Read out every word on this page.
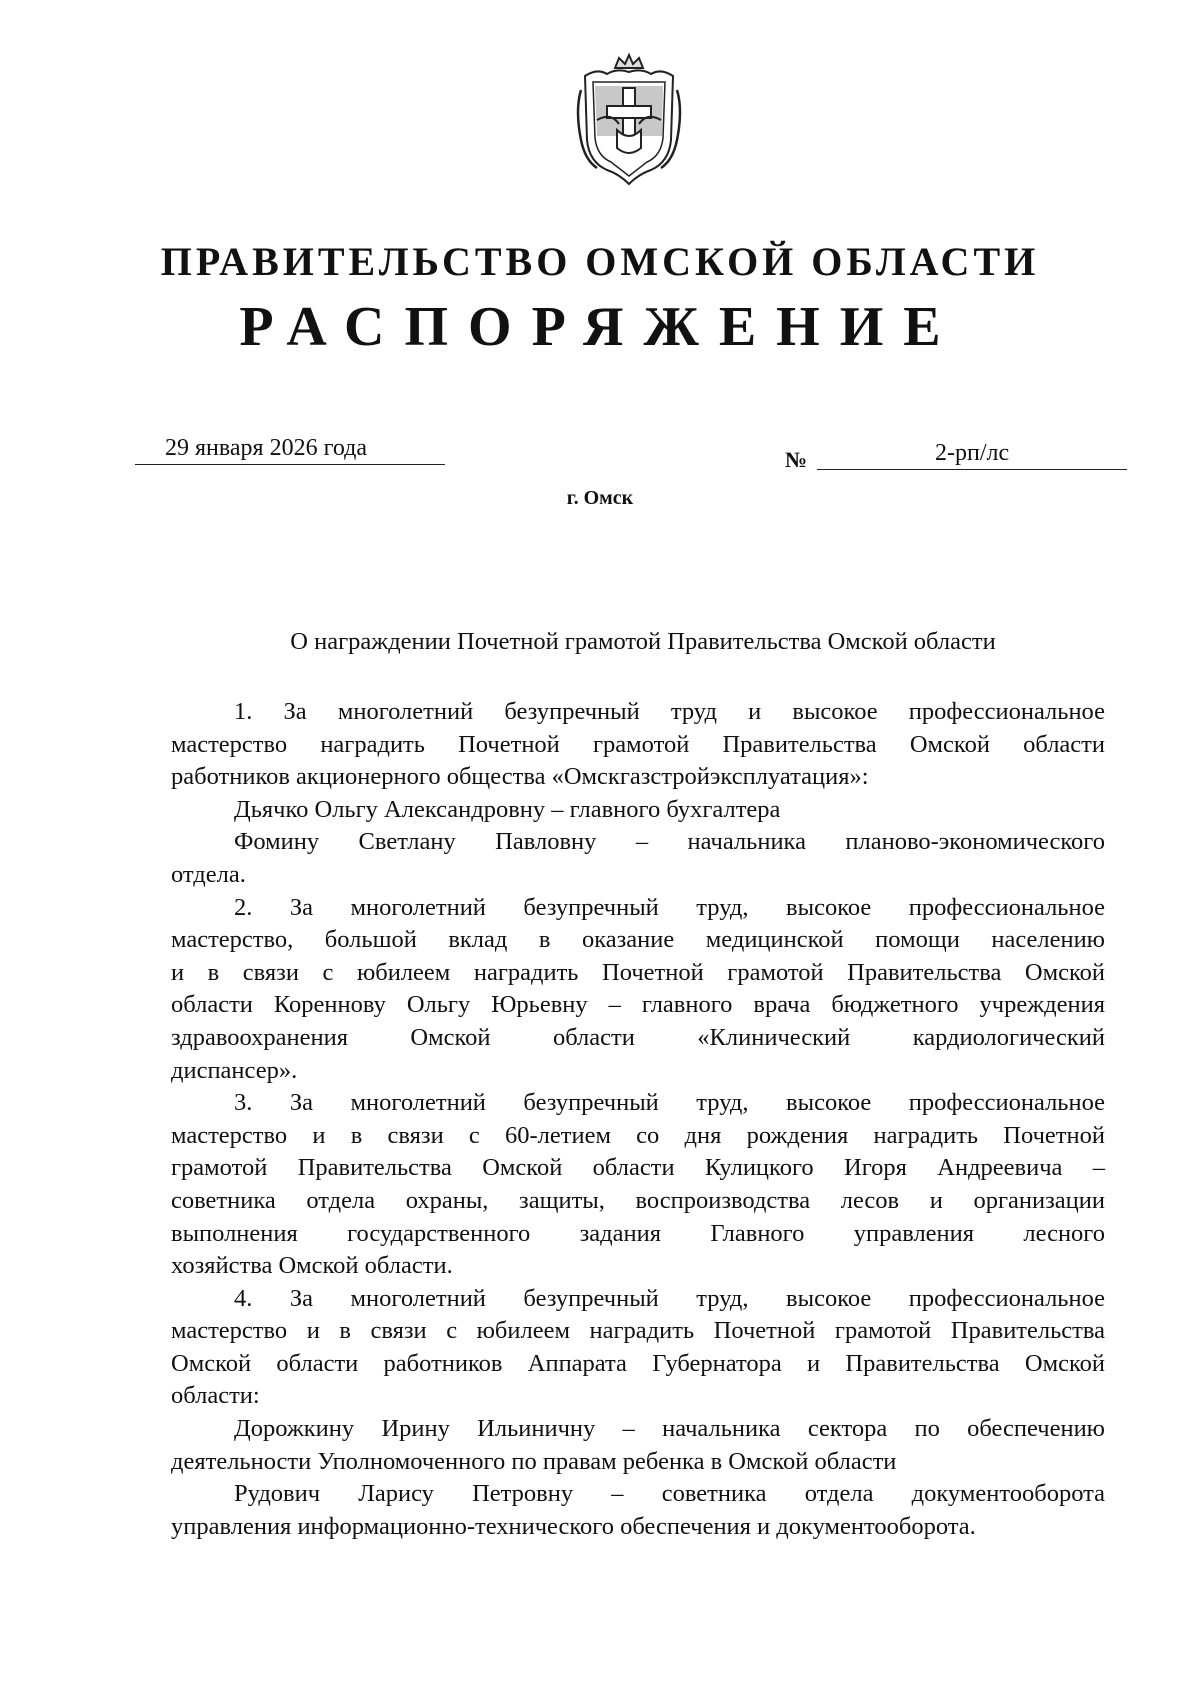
ПРАВИТЕЛЬСТВО ОМСКОЙ ОБЛАСТИ
РАСПОРЯЖЕНИЕ
29 января 2026 года	№	2-рп/лс
г. Омск
О награждении Почетной грамотой Правительства Омской области

1. За многолетний безупречный труд и высокое профессиональное

мастерство наградить Почетной грамотой Правительства Омской области

работников акционерного общества «Омскгазстройэксплуатация»:

Дьячко Ольгу Александровну – главного бухгалтера

Фомину Светлану Павловну – начальника планово-экономического

отдела.

2. За многолетний безупречный труд, высокое профессиональное

мастерство, большой вклад в оказание медицинской помощи населению

и в связи с юбилеем наградить Почетной грамотой Правительства Омской

области Кореннову Ольгу Юрьевну – главного врача бюджетного учреждения

здравоохранения Омской области «Клинический кардиологический

диспансер».

3. За многолетний безупречный труд, высокое профессиональное

мастерство и в связи с 60-летием со дня рождения наградить Почетной

грамотой Правительства Омской области Кулицкого Игоря Андреевича –

советника отдела охраны, защиты, воспроизводства лесов и организации

выполнения государственного задания Главного управления лесного

хозяйства Омской области.

4. За многолетний безупречный труд, высокое профессиональное

мастерство и в связи с юбилеем наградить Почетной грамотой Правительства

Омской области работников Аппарата Губернатора и Правительства Омской

области:

Дорожкину Ирину Ильиничну – начальника сектора по обеспечению

деятельности Уполномоченного по правам ребенка в Омской области

Рудович Ларису Петровну – советника отдела документооборота

управления информационно-технического обеспечения и документооборота.
